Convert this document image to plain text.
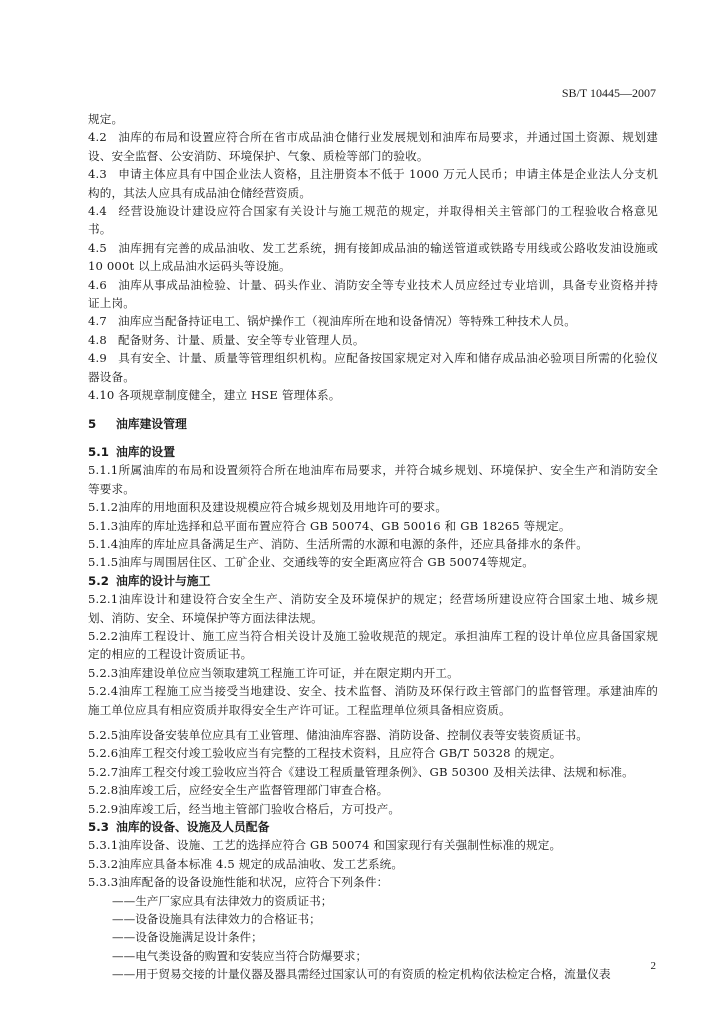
SB/T 10445—2007

规定。

4.2 油库的布局和设置应符合所在省市成品油仓储行业发展规划和油库布局要求，并通过国土资源、规划建设、安全监督、公安消防、环境保护、气象、质检等部门的验收。

4.3 申请主体应具有中国企业法人资格，且注册资本不低于 1000 万元人民币；申请主体是企业法人分支机构的，其法人应具有成品油仓储经营资质。

4.4 经营设施设计建设应符合国家有关设计与施工规范的规定，并取得相关主管部门的工程验收合格意见书。

4.5 油库拥有完善的成品油收、发工艺系统，拥有接卸成品油的输送管道或铁路专用线或公路收发油设施或 10 000t 以上成品油水运码头等设施。

4.6 油库从事成品油检验、计量、码头作业、消防安全等专业技术人员应经过专业培训，具备专业资格并持证上岗。

4.7 油库应当配备持证电工、锅炉操作工（视油库所在地和设备情况）等特殊工种技术人员。

4.8 配备财务、计量、质量、安全等专业管理人员。

4.9 具有安全、计量、质量等管理组织机构。应配备按国家规定对入库和储存成品油必验项目所需的化验仪器设备。

4.10 各项规章制度健全，建立 HSE 管理体系。

5 油库建设管理

5.1 油库的设置

5.1.1所属油库的布局和设置须符合所在地油库布局要求，并符合城乡规划、环境保护、安全生产和消防安全等要求。

5.1.2油库的用地面积及建设规模应符合城乡规划及用地许可的要求。

5.1.3油库的库址选择和总平面布置应符合 GB 50074、GB 50016 和 GB 18265 等规定。

5.1.4油库的库址应具备满足生产、消防、生活所需的水源和电源的条件，还应具备排水的条件。

5.1.5油库与周围居住区、工矿企业、交通线等的安全距离应符合 GB 50074等规定。

5.2 油库的设计与施工

5.2.1油库设计和建设符合安全生产、消防安全及环境保护的规定；经营场所建设应符合国家土地、城乡规划、消防、安全、环境保护等方面法律法规。

5.2.2油库工程设计、施工应当符合相关设计及施工验收规范的规定。承担油库工程的设计单位应具备国家规定的相应的工程设计资质证书。

5.2.3油库建设单位应当领取建筑工程施工许可证，并在限定期内开工。

5.2.4油库工程施工应当接受当地建设、安全、技术监督、消防及环保行政主管部门的监督管理。承建油库的施工单位应具有相应资质并取得安全生产许可证。工程监理单位须具备相应资质。

5.2.5油库设备安装单位应具有工业管理、储油油库容器、消防设备、控制仪表等安装资质证书。

5.2.6油库工程交付竣工验收应当有完整的工程技术资料，且应符合 GB/T 50328 的规定。

5.2.7油库工程交付竣工验收应当符合《建设工程质量管理条例》、GB 50300 及相关法律、法规和标准。

5.2.8油库竣工后，应经安全生产监督管理部门审查合格。

5.2.9油库竣工后，经当地主管部门验收合格后，方可投产。

5.3 油库的设备、设施及人员配备

5.3.1油库设备、设施、工艺的选择应符合 GB 50074 和国家现行有关强制性标准的规定。

5.3.2油库应具备本标准 4.5 规定的成品油收、发工艺系统。

5.3.3油库配备的设备设施性能和状况，应符合下列条件：

——生产厂家应具有法律效力的资质证书；

——设备设施具有法律效力的合格证书；

——设备设施满足设计条件；

——电气类设备的购置和安装应当符合防爆要求；

——用于贸易交接的计量仪器及器具需经过国家认可的有资质的检定机构依法检定合格，流量仪表

2
